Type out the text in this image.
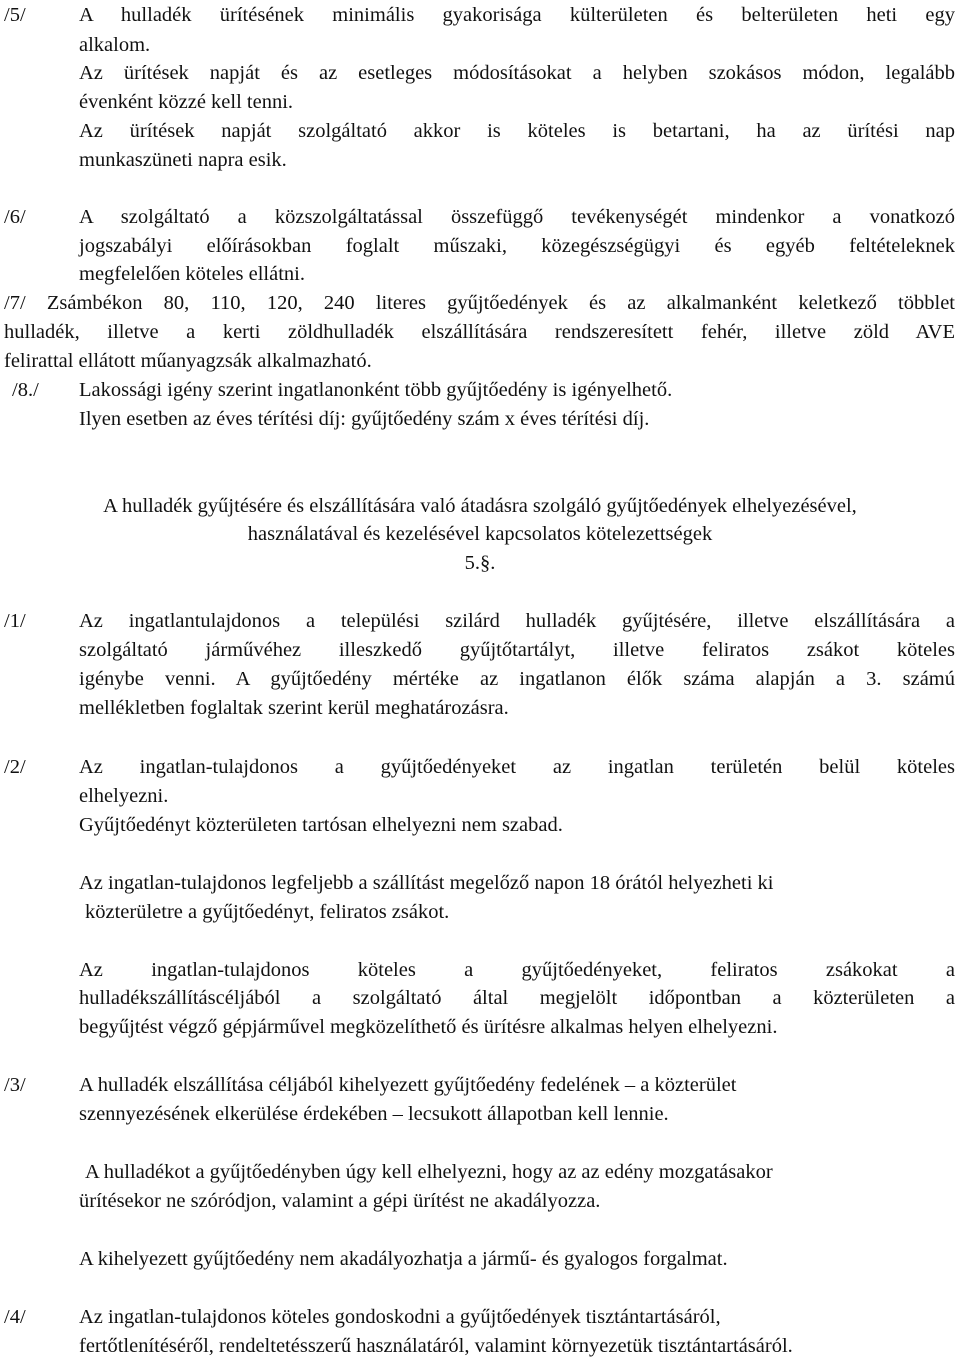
/5/	A hulladék ürítésének minimális gyakorisága külterületen és belterületen heti egy
alkalom.
Az ürítések napját és az esetleges módosításokat a helyben szokásos módon, legalább
évenként közzé kell tenni.
Az ürítések napját szolgáltató akkor is köteles is betartani, ha az ürítési nap
munkaszüneti napra esik.
/6/	A szolgáltató a közszolgáltatással összefüggő tevékenységét mindenkor a vonatkozó
jogszabályi előírásokban foglalt műszaki, közegészségügyi és egyéb feltételeknek
megfelelően köteles ellátni.
/7/ Zsámbékon 80, 110, 120, 240 literes gyűjtőedények és az alkalmanként keletkező többlet
hulladék, illetve a kerti zöldhulladék elszállítására rendszeresített fehér, illetve zöld AVE
felirattal ellátott műanyagzsák alkalmazható.
/8./ Lakossági igény szerint ingatlanonként több gyűjtőedény is igényelhető.
Ilyen esetben az éves térítési díj: gyűjtőedény szám x éves térítési díj.
A hulladék gyűjtésére és elszállítására való átadásra szolgáló gyűjtőedények elhelyezésével,
használatával és kezelésével kapcsolatos kötelezettségek
5.§.
/1/	Az ingatlantulajdonos a települési szilárd hulladék gyűjtésére, illetve elszállítására a
szolgáltató járművéhez illeszkedő gyűjtőtartályt, illetve feliratos zsákot köteles
igénybe venni. A gyűjtőedény mértéke az ingatlanon élők száma alapján a 3. számú
mellékletben foglaltak szerint kerül meghatározásra.
/2/	Az ingatlan-tulajdonos a gyűjtőedényeket az ingatlan területén belül köteles
elhelyezni.
Gyűjtőedényt közterületen tartósan elhelyezni nem szabad.
Az ingatlan-tulajdonos legfeljebb a szállítást megelőző napon 18 órától helyezheti ki
közterületre a gyűjtőedényt, feliratos zsákot.
Az ingatlan-tulajdonos köteles a gyűjtőedényeket, feliratos zsákokat a
hulladékszállításcéljából a szolgáltató által megjelölt időpontban a közterületen a
begyűjtést végző gépjárművel megközelíthető és ürítésre alkalmas helyen elhelyezni.
/3/	A hulladék elszállítása céljából kihelyezett gyűjtőedény fedelének – a közterület
szennyezésének elkerülése érdekében – lecsukott állapotban kell lennie.
A hulladékot a gyűjtőedényben úgy kell elhelyezni, hogy az az edény mozgatásakor
ürítésekor ne szóródjon, valamint a gépi ürítést ne akadályozza.
A kihelyezett gyűjtőedény nem akadályozhatja a jármű- és gyalogos forgalmat.
/4/	Az ingatlan-tulajdonos köteles gondoskodni a gyűjtőedények tisztántartásáról,
fertőtlenítéséről, rendeltetésszerű használatáról, valamint környezetük tisztántartásáról.
